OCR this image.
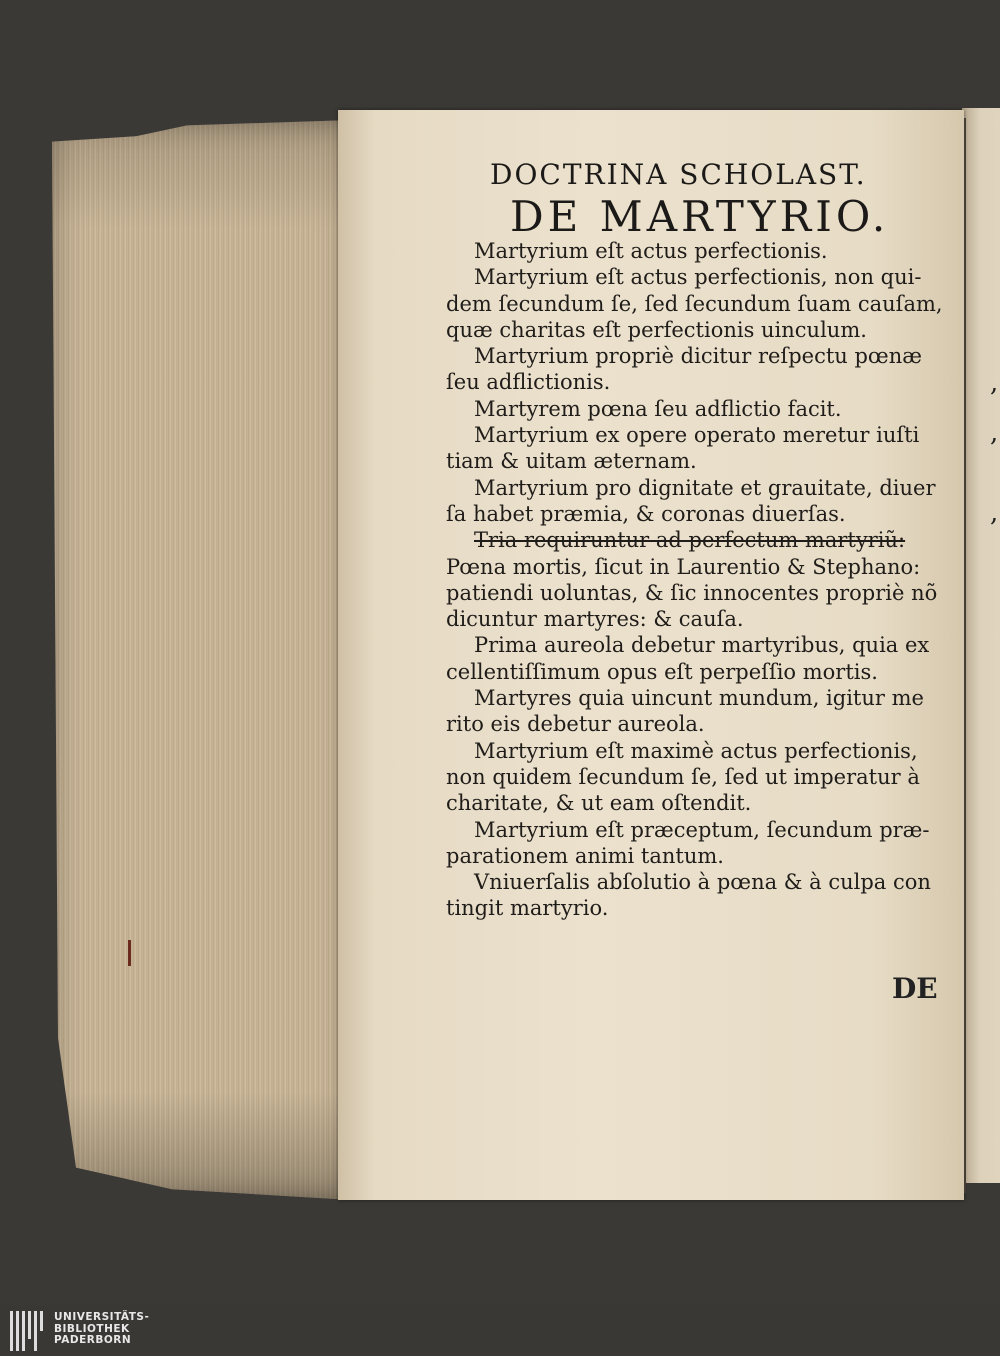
,
,
,
DOCTRINA SCHOLAST.
DE MARTYRIO.
Martyrium eſt actus perfectionis.
Martyrium eſt actus perfectionis, non qui-
dem ſecundum ſe, ſed ſecundum ſuam cauſam,
quæ charitas eſt perfectionis uinculum.
Martyrium propriè dicitur reſpectu pœnæ
ſeu adflictionis.
Martyrem pœna ſeu adflictio facit.
Martyrium ex opere operato meretur iuſti
tiam & uitam æternam.
Martyrium pro dignitate et grauitate, diuer
ſa habet præmia, & coronas diuerſas.
Tria requiruntur ad perfectum martyriũ:
Pœna mortis, ſicut in Laurentio & Stephano:
patiendi uoluntas, & ſic innocentes propriè nõ
dicuntur martyres: & cauſa.
Prima aureola debetur martyribus, quia ex
cellentiſſimum opus eſt perpeſſio mortis.
Martyres quia uincunt mundum, igitur me
rito eis debetur aureola.
Martyrium eſt maximè actus perfectionis,
non quidem ſecundum ſe, ſed ut imperatur à
charitate, & ut eam oſtendit.
Martyrium eſt præceptum, ſecundum præ-
parationem animi tantum.
Vniuerſalis abſolutio à pœna & à culpa con
tingit martyrio.
DE
UNIVERSITÄTS-
BIBLIOTHEK
PADERBORN
